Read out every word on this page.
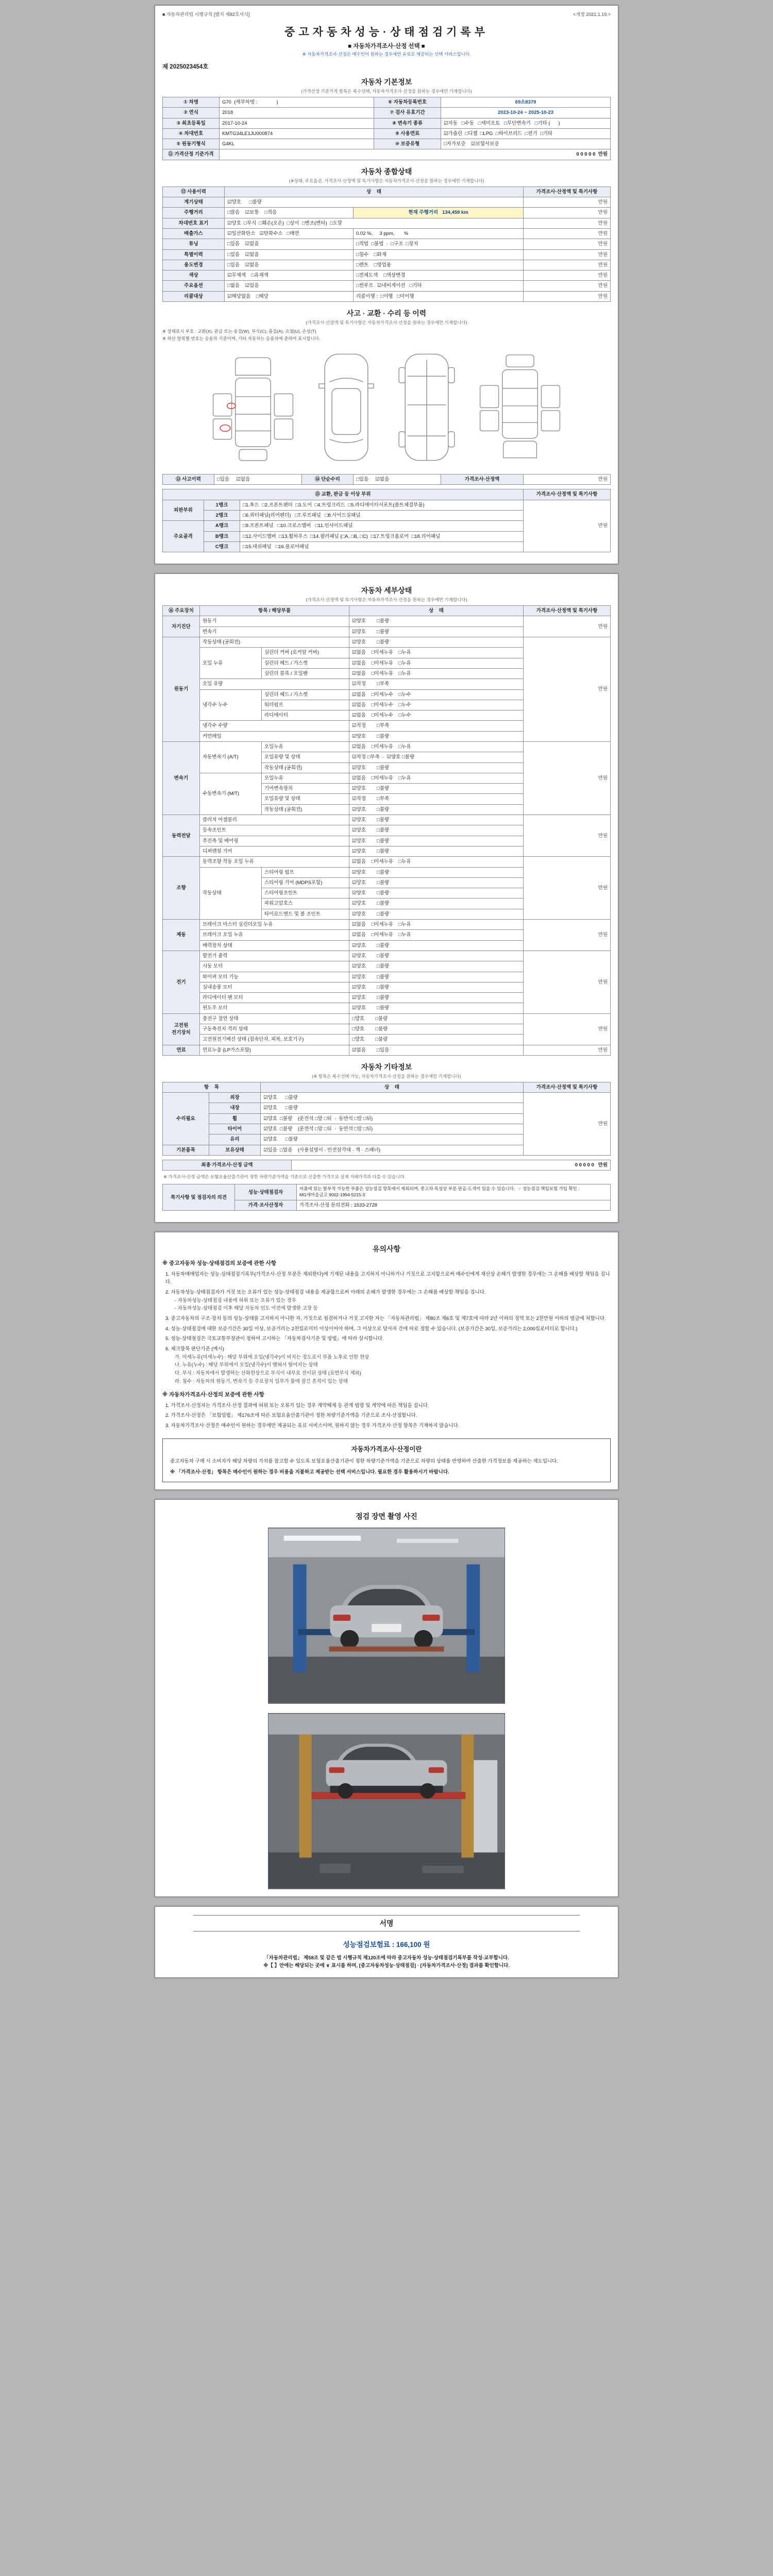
■ 자동차관리법 시행규칙 [별지 제82호서식]	<개정 2021.1.19.>
중고자동차성능·상태점검기록부
■ 자동차가격조사·산정 선택 ■
※ 자동차가격조사·산정은 매수인이 원하는 경우에만 유료로 제공되는 선택 서비스입니다.
제 2025023454호
자동차 기본정보
(가격산정 기준가격 항목은 복수선택, 자동차가격조사·산정을 원하는 경우에만 기재합니다)
① 차명	G70  (세부차명 :              )	⑥ 자동차등록번호	69소8379
② 연식	2018	⑦ 검사 유효기간	2023-10-24 ~ 2025-10-23
③ 최초등록일	2017-10-24	⑧ 변속기 종류	☑자동   □수동   □세미오토   □무단변속기   □기타 (      )
④ 차대번호	KMTG34LE1JU000874	⑨ 사용연료	☑가솔린  □디젤  □LPG  □하이브리드  □전기  □기타
⑤ 원동기형식	G4KL	⑩ 보증유형	□자가보증    ☑보험사보증
⑪ 가격산정 기준가격	0 0 0 0 0  만원		
자동차 종합상태
(※상태, 주요옵션, 가격조사·산정액 및 특기사항은 자동차가격조사·산정을 원하는 경우에만 기재합니다)
⑫ 사용이력	상    태		가격조사·산정액 및 특기사항
계기상태	☑양호      □불량		만원
주행거리	□많음    ☑보통    □적음	현재 주행거리   134,459 km	만원
차대번호 표기	☑양호  □부식  □훼손(오손)  □상이  □변조(변타)  □도말		만원
배출가스	☑일산화탄소   ☑탄화수소   □매연	0.02 %,     3 ppm,       %	만원
튜닝	□있음    ☑없음	□적법  □불법  ·  □구조  □장치	만원
특별이력	□있음    ☑없음	□침수    □화재	만원
용도변경	□있음    ☑없음	□렌트    □영업용	만원
색상	☑무채색    □유채색	□전체도색    □색상변경	만원
주요옵션	□없음    ☑있음	□썬루프   ☑네비게이션   □기타	만원
리콜대상	☑해당없음    □해당	리콜이행 :  □이행   □미이행	만원
사고 · 교환 · 수리 등 이력
(가격조사·산정액 및 특기사항은 자동차가격조사·산정을 원하는 경우에만 기재합니다)
※ 상태표시 부호 : 교환(X), 판금 또는 용접(W), 부식(C), 흠집(A), 요철(U), 손상(T)
※ 하단 항목별 번호는 승용차 기준이며, 기타 자동차는 승용차에 준하여 표시합니다.
⑬ 사고이력	□있음     ☑없음	⑭ 단순수리	□있음     ☑없음	가격조사·산정액	만원
⑮ 교환, 판금 등 이상 부위			가격조사·산정액 및 특기사항
외판부위	1랭크	□1.후드  □2.프론트펜더  □3.도어  □4.트렁크리드  □5.라디에이터서포트(볼트체결부품)	만원
	2랭크	□6.쿼터패널(리어펜더)   □7.루프패널   □8.사이드실패널	
주요골격	A랭크	□9.프론트패널   □10.크로스멤버   □11.인사이드패널	
	B랭크	□12.사이드멤버  □13.휠하우스  □14.필러패널 (□A, □B, □C)  □17.트렁크플로어  □18.리어패널	
	C랭크	□15.대쉬패널   □16.플로어패널	
자동차 세부상태
(가격조사·산정액 및 특기사항은 자동차가격조사·산정을 원하는 경우에만 기재합니다)
⑯ 주요장치	항목 / 해당부품		상    태	가격조사·산정액 및 특기사항
자기진단	원동기		☑양호        □불량	만원
	변속기		☑양호        □불량	
원동기	작동상태 (공회전)		☑양호        □불량	만원
	오일 누유	실린더 커버 (로커암 커버)	☑없음    □미세누유    □누유	
		실린더 헤드 / 가스켓	☑없음    □미세누유    □누유	
		실린더 블록 / 오일팬	☑없음    □미세누유    □누유	
	오일 유량		☑적정        □부족	
	냉각수 누수	실린더 헤드 / 가스켓	☑없음    □미세누수    □누수	
		워터펌프	☑없음    □미세누수    □누수	
		라디에이터	☑없음    □미세누수    □누수	
	냉각수 수량		☑적정        □부족	
	커먼레일		☑양호        □불량	
변속기	자동변속기 (A/T)	오일누유	☑없음    □미세누유    □누유	만원
		오일유량 및 상태	☑적정 □부족  ·  ☑양호 □불량	
		작동상태 (공회전)	☑양호        □불량	
	수동변속기 (M/T)	오일누유	☑없음    □미세누유    □누유	
		기어변속장치	☑양호        □불량	
		오일유량 및 상태	☑적정        □부족	
		작동상태 (공회전)	☑양호        □불량	
동력전달	클러치 어셈블리		☑양호        □불량	만원
	등속조인트		☑양호        □불량	
	추진축 및 베어링		☑양호        □불량	
	디퍼렌셜 기어		☑양호        □불량	
조향	동력조향 작동 오일 누유		☑없음    □미세누유    □누유	만원
	작동상태	스티어링 펌프	☑양호        □불량	
		스티어링 기어 (MDPS포함)	☑양호        □불량	
		스티어링조인트	☑양호        □불량	
		파워고압호스	☑양호        □불량	
		타이로드엔드 및 볼 조인트	☑양호        □불량	
제동	브레이크 마스터 실린더오일 누유		☑없음    □미세누유    □누유	만원
	브레이크 오일 누유		☑없음    □미세누유    □누유	
	배력장치 상태		☑양호        □불량	
전기	발전기 출력		☑양호        □불량	만원
	시동 모터		☑양호        □불량	
	와이퍼 모터 기능		☑양호        □불량	
	실내송풍 모터		☑양호        □불량	
	라디에이터 팬 모터		☑양호        □불량	
	윈도우 모터		☑양호        □불량	
고전원 전기장치	충전구 절연 상태		□양호        □불량	만원
	구동축전지 격리 상태		□양호        □불량	
	고전원전기배선 상태 (접속단자, 피복, 보호기구)		□양호        □불량	
연료	연료누출 (LP가스포함)		☑없음        □있음	만원
자동차 기타정보
(※ 항목은 복수선택 가능, 자동차가격조사·산정을 원하는 경우에만 기재합니다)
항    목		상    태	가격조사·산정액 및 특기사항
수리필요	외장	☑양호      □불량	만원
	내장	☑양호      □불량	
	휠	☑양호  □불량    (운전석 □앞 □뒤  ·  동반석 □앞 □뒤)	
	타이어	☑양호  □불량    (운전석 □앞 □뒤  ·  동반석 □앞 □뒤)	
	유리	☑양호      □불량	
기본품목	보유상태	☑있음  □없음    (사용설명서 · 안전삼각대 · 잭 · 스패너)	
최종 가격조사·산정 금액	0 0 0 0 0   만원
※ 가격조사·산정 금액은 보험요율산출기관이 정한 차량기준가액을 기준으로 산출한 가격으로 실제 거래가격과 다를 수 있습니다.
특기사항 및 점검자의 의견	성능·상태점검자	비품에 있는 탈부착 가능한 부품은 성능점검 항목에서 제외되며, 중고차 특성상 부분 판금·도색이 있을 수 있습니다.  ☞ 성능점검 책임보험 가입 확인 : MG새마을금고 9002-1994-5215-3
	가격·조사산정자	가격조사·산정 문의전화 : 1533-2728
유의사항
※ 중고자동차 성능·상태점검의 보증에 관한 사항
1. 자동차매매업자는 성능·상태점검기록부(가격조사·산정 부분은 제외한다)에 기재된 내용을 고지하지 아니하거나 거짓으로 고지함으로써 매수인에게 재산상 손해가 발생한 경우에는 그 손해를 배상할 책임을 집니다.
2. 자동차성능·상태점검자가 거짓 또는 오류가 있는 성능·상태점검 내용을 제공함으로써 아래의 손해가 발생한 경우에는 그 손해를 배상할 책임을 집니다.
- 자동차성능·상태점검 내용에 허위 또는 오류가 있는 경우
- 자동차성능·상태점검 이후 해당 자동차 인도 이전에 발생한 고장 등
3. 중고자동차의 구조·장치 등의 성능·상태를 고지하지 아니한 자, 거짓으로 점검하거나 거짓 고지한 자는 「자동차관리법」 제80조 제6호 및 제7호에 따라 2년 이하의 징역 또는 2천만원 이하의 벌금에 처합니다.
4. 성능·상태점검에 대한 보증기간은 30일 이상, 보증거리는 2천킬로미터 이상이어야 하며, 그 이상으로 당사자 간에 따로 정할 수 있습니다. (보증기간은 30일, 보증거리는 2,000킬로미터로 합니다.)
5. 성능·상태점검은 국토교통부장관이 정하여 고시하는 「자동차검사기준 및 방법」에 따라 실시합니다.
6. 체크항목 판단기준 (예시)
가. 미세누유(미세누수) : 해당 부위에 오일(냉각수)이 비치는 정도로서 부품 노후로 인한 현상
나. 누유(누수) : 해당 부위에서 오일(냉각수)이 맺혀서 떨어지는 상태
다. 부식 : 자동차에서 발생하는 산화현상으로 부식이 내부로 전이된 상태 (표면부식 제외)
라. 침수 : 자동차의 원동기, 변속기 등 주요장치 일부가 물에 잠긴 흔적이 있는 상태
※ 자동차가격조사·산정의 보증에 관한 사항
1. 가격조사·산정자는 가격조사·산정 결과에 허위 또는 오류가 있는 경우 계약해제 등 관계 법령 및 계약에 따른 책임을 집니다.
2. 가격조사·산정은 「보험업법」 제176조에 따른 보험요율산출기관이 정한 차량기준가액을 기준으로 조사·산정합니다.
3. 자동차가격조사·산정은 매수인이 원하는 경우에만 제공되는 유료 서비스이며, 원하지 않는 경우 가격조사·산정 항목은 기재하지 않습니다.
자동차가격조사·산정이란
중고자동차 구매 시 소비자가 해당 차량의 가치를 참고할 수 있도록 보험요율산출기관이 정한 차량기준가액을 기준으로 차량의 상태를 반영하여 산출한 가격정보를 제공하는 제도입니다.
※ 「가격조사·산정」 항목은 매수인이 원하는 경우 비용을 지불하고 제공받는 선택 서비스입니다. 필요한 경우 활용하시기 바랍니다.
점검 장면 촬영 사진
서명
성능점검보험료 : 166,100 원
「자동차관리법」 제58조 및 같은 법 시행규칙 제120조에 따라 중고자동차 성능·상태점검기록부를 작성·교부합니다.
※【 】안에는 해당되는 곳에 ∨ 표시를 하며, [중고자동차성능·상태점검] · [자동차가격조사·산정] 결과를 확인합니다.
